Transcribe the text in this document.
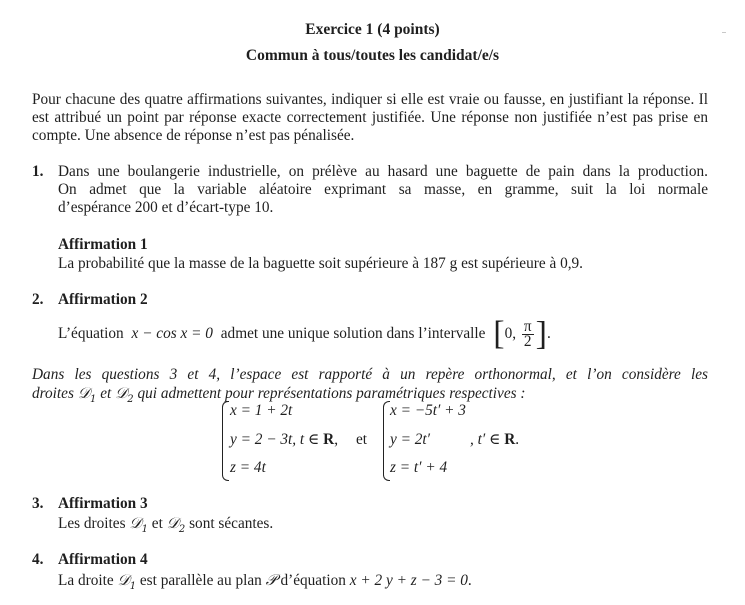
Exercice 1 (4 points)
Commun à tous/toutes les candidat/e/s
Pour chacune des quatre affirmations suivantes, indiquer si elle est vraie ou fausse, en justifiant la réponse. Il est attribué un point par réponse exacte correctement justifiée. Une réponse non justifiée n’est pas prise en compte. Une absence de réponse n’est pas pénalisée.
1. Dans une boulangerie industrielle, on prélève au hasard une baguette de pain dans la production.
On admet que la variable aléatoire exprimant sa masse, en gramme, suit la loi normale
d’espérance 200 et d’écart-type 10.
Affirmation 1
La probabilité que la masse de la baguette soit supérieure à 187 g est supérieure à 0,9.
2. Affirmation 2
L’équation x − cos x = 0 admet une unique solution dans l’intervalle [0, $\frac{\pi}{2}$ ].
Dans les questions 3 et 4, l’espace est rapporté à un repère orthonormal, et l’on considère les
droites 𝒟$_1$ et 𝒟$_2$ qui admettent pour représentations paramétriques respectives :
x = 1 + 2t
y = 2 − 3t, t ∈ R,
z = 4t
et
x = −5t′ + 3
y = 2t′	, t′ ∈ R.
z = t′ + 4
3. Affirmation 3
Les droites 𝒟$_1$ et 𝒟$_2$ sont sécantes.
4. Affirmation 4
La droite 𝒟$_1$ est parallèle au plan 𝒫 d’équation x + 2 y + z − 3 = 0.
